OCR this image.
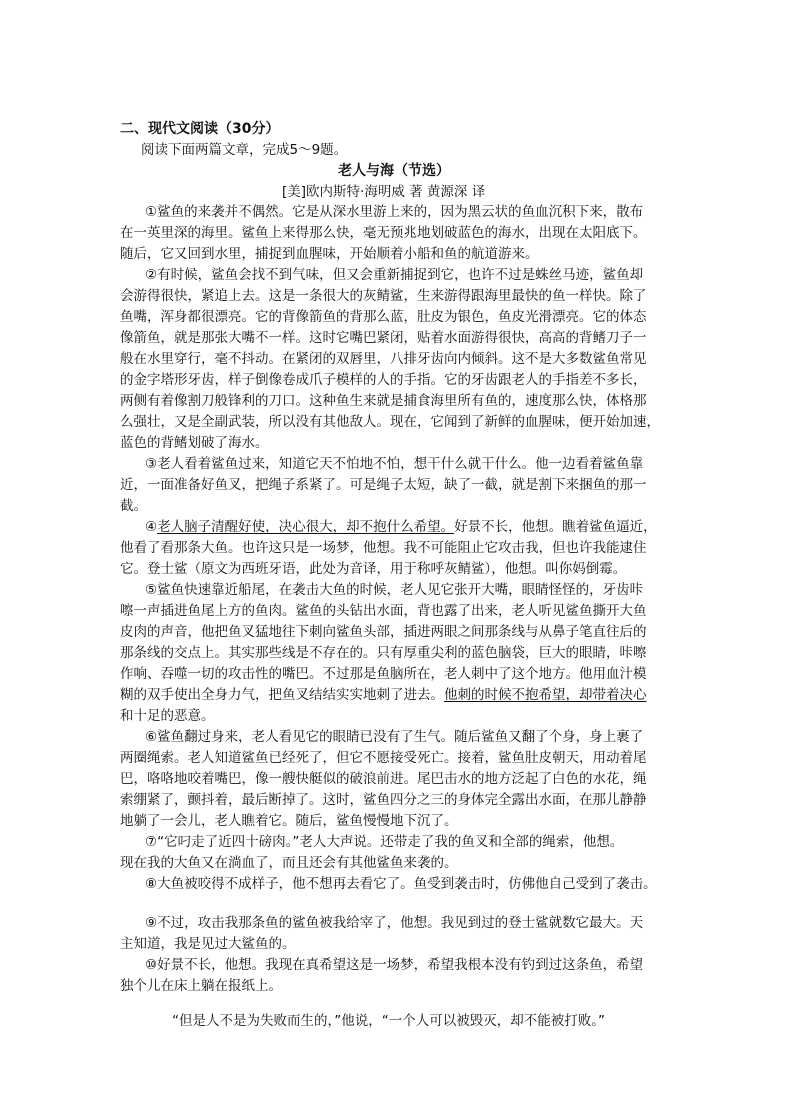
二、现代文阅读（30分）
阅读下面两篇文章，完成5～9题。
老人与海（节选）
[美]欧内斯特·海明威 著 黄源深 译
①鲨鱼的来袭并不偶然。它是从深水里游上来的，因为黑云状的鱼血沉积下来，散布
在一英里深的海里。鲨鱼上来得那么快，毫无预兆地划破蓝色的海水，出现在太阳底下。
随后，它又回到水里，捕捉到血腥味，开始顺着小船和鱼的航道游来。
②有时候，鲨鱼会找不到气味，但又会重新捕捉到它，也许不过是蛛丝马迹，鲨鱼却
会游得很快，紧追上去。这是一条很大的灰鲭鲨，生来游得跟海里最快的鱼一样快。除了
鱼嘴，浑身都很漂亮。它的背像箭鱼的背那么蓝，肚皮为银色，鱼皮光滑漂亮。它的体态
像箭鱼，就是那张大嘴不一样。这时它嘴巴紧闭，贴着水面游得很快，高高的背鳍刀子一
般在水里穿行，毫不抖动。在紧闭的双唇里，八排牙齿向内倾斜。这不是大多数鲨鱼常见
的金字塔形牙齿，样子倒像卷成爪子模样的人的手指。它的牙齿跟老人的手指差不多长，
两侧有着像割刀般锋利的刀口。这种鱼生来就是捕食海里所有鱼的，速度那么快，体格那
么强壮，又是全副武装，所以没有其他敌人。现在，它闻到了新鲜的血腥味，便开始加速，
蓝色的背鳍划破了海水。
③老人看着鲨鱼过来，知道它天不怕地不怕，想干什么就干什么。他一边看着鲨鱼靠
近，一面准备好鱼叉，把绳子系紧了。可是绳子太短，缺了一截，就是割下来捆鱼的那一
截。
④老人脑子清醒好使，决心很大，却不抱什么希望。好景不长，他想。瞧着鲨鱼逼近，
他看了看那条大鱼。也许这只是一场梦，他想。我不可能阻止它攻击我，但也许我能逮住
它。登士鲨（原文为西班牙语，此处为音译，用于称呼灰鲭鲨），他想。叫你妈倒霉。
⑤鲨鱼快速靠近船尾，在袭击大鱼的时候，老人见它张开大嘴，眼睛怪怪的，牙齿咔
嚓一声插进鱼尾上方的鱼肉。鲨鱼的头钻出水面，背也露了出来，老人听见鲨鱼撕开大鱼
皮肉的声音，他把鱼叉猛地往下刺向鲨鱼头部，插进两眼之间那条线与从鼻子笔直往后的
那条线的交点上。其实那些线是不存在的。只有厚重尖利的蓝色脑袋，巨大的眼睛，咔嚓
作响、吞噬一切的攻击性的嘴巴。不过那是鱼脑所在，老人刺中了这个地方。他用血汁模
糊的双手使出全身力气，把鱼叉结结实实地刺了进去。他刺的时候不抱希望，却带着决心
和十足的恶意。
⑥鲨鱼翻过身来，老人看见它的眼睛已没有了生气。随后鲨鱼又翻了个身，身上裹了
两圈绳索。老人知道鲨鱼已经死了，但它不愿接受死亡。接着，鲨鱼肚皮朝天，用动着尾
巴，咯咯地咬着嘴巴，像一艘快艇似的破浪前进。尾巴击水的地方泛起了白色的水花，绳
索绷紧了，颤抖着，最后断掉了。这时，鲨鱼四分之三的身体完全露出水面，在那儿静静
地躺了一会儿，老人瞧着它。随后，鲨鱼慢慢地下沉了。
⑦“它叼走了近四十磅肉。”老人大声说。还带走了我的鱼叉和全部的绳索，他想。
现在我的大鱼又在淌血了，而且还会有其他鲨鱼来袭的。
⑧大鱼被咬得不成样子，他不想再去看它了。鱼受到袭击时，仿佛他自己受到了袭击。
⑨不过，攻击我那条鱼的鲨鱼被我给宰了，他想。我见到过的登士鲨就数它最大。天
主知道，我是见过大鲨鱼的。
⑩好景不长，他想。我现在真希望这是一场梦，希望我根本没有钓到过这条鱼，希望
独个儿在床上躺在报纸上。
“但是人不是为失败而生的，”他说，“一个人可以被毁灭，却不能被打败。”
